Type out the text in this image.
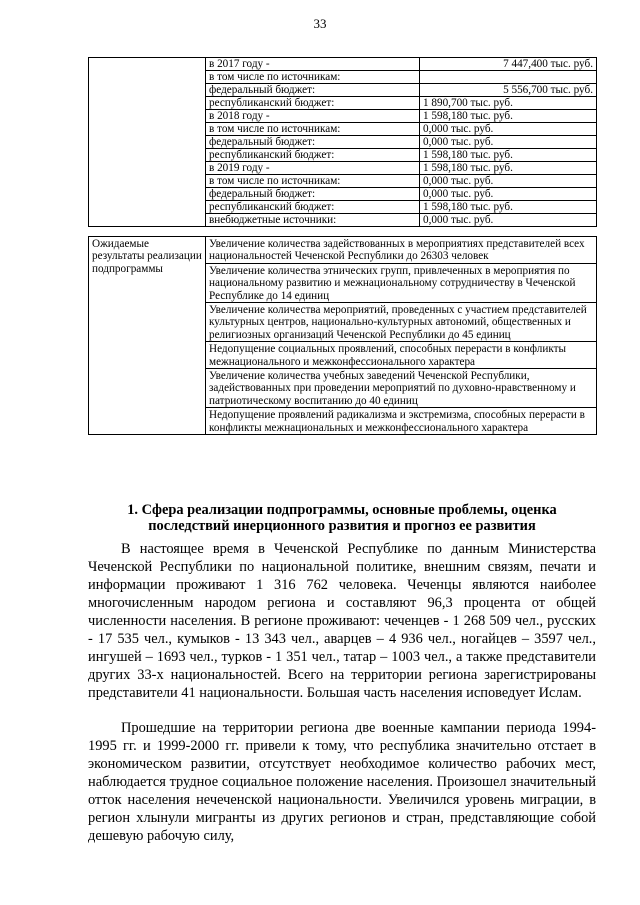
33
	в 2017 году -	7 447,400 тыс. руб.
	в том числе по источникам:	
	федеральный бюджет:	5 556,700 тыс. руб.
	республиканский бюджет:	1 890,700 тыс. руб.
	в 2018 году -	1 598,180 тыс. руб.
	в том числе по источникам:	0,000 тыс. руб.
	федеральный бюджет:	0,000 тыс. руб.
	республиканский бюджет:	1 598,180 тыс. руб.
	в 2019 году -	1 598,180 тыс. руб.
	в том числе по источникам:	0,000 тыс. руб.
	федеральный бюджет:	0,000 тыс. руб.
	республиканский бюджет:	1 598,180 тыс. руб.
	внебюджетные источники:	0,000 тыс. руб.
Ожидаемые результаты реализации подпрограммы	Увеличение количества задействованных в мероприятиях представителей всех национальностей Чеченской Республики до 26303 человек
Увеличение количества этнических групп, привлеченных в мероприятия по национальному развитию и межнациональному сотрудничеству в Чеченской Республике до 14 единиц
Увеличение количества мероприятий, проведенных с участием представителей культурных центров, национально-культурных автономий, общественных и религиозных организаций Чеченской Республики до 45 единиц
Недопущение социальных проявлений, способных перерасти в конфликты межнационального и межконфессионального характера
Увеличение количества учебных заведений Чеченской Республики, задействованных при проведении мероприятий по духовно-нравственному и патриотическому воспитанию до 40 единиц
Недопущение проявлений радикализма и экстремизма, способных перерасти в конфликты межнациональных и межконфессионального характера
1. Сфера реализации подпрограммы, основные проблемы, оценка последствий инерционного развития и прогноз ее развития

В настоящее время в Чеченской Республике по данным Министерства Чеченской Республики по национальной политике, внешним связям, печати и информации проживают 1 316 762 человека. Чеченцы являются наиболее многочисленным народом региона и составляют 96,3 процента от общей численности населения. В регионе проживают: чеченцев - 1 268 509 чел., русских - 17 535 чел., кумыков - 13 343 чел., аварцев – 4 936 чел., ногайцев – 3597 чел., ингушей – 1693 чел., турков - 1 351 чел., татар – 1003 чел., а также представители других 33-х национальностей. Всего на территории региона зарегистрированы представители 41 национальности. Большая часть населения исповедует Ислам.

Прошедшие на территории региона две военные кампании периода 1994-1995 гг. и 1999-2000 гг. привели к тому, что республика значительно отстает в экономическом развитии, отсутствует необходимое количество рабочих мест, наблюдается трудное социальное положение населения. Произошел значительный отток населения нечеченской национальности. Увеличился уровень миграции, в регион хлынули мигранты из других регионов и стран, представляющие собой дешевую рабочую силу,
